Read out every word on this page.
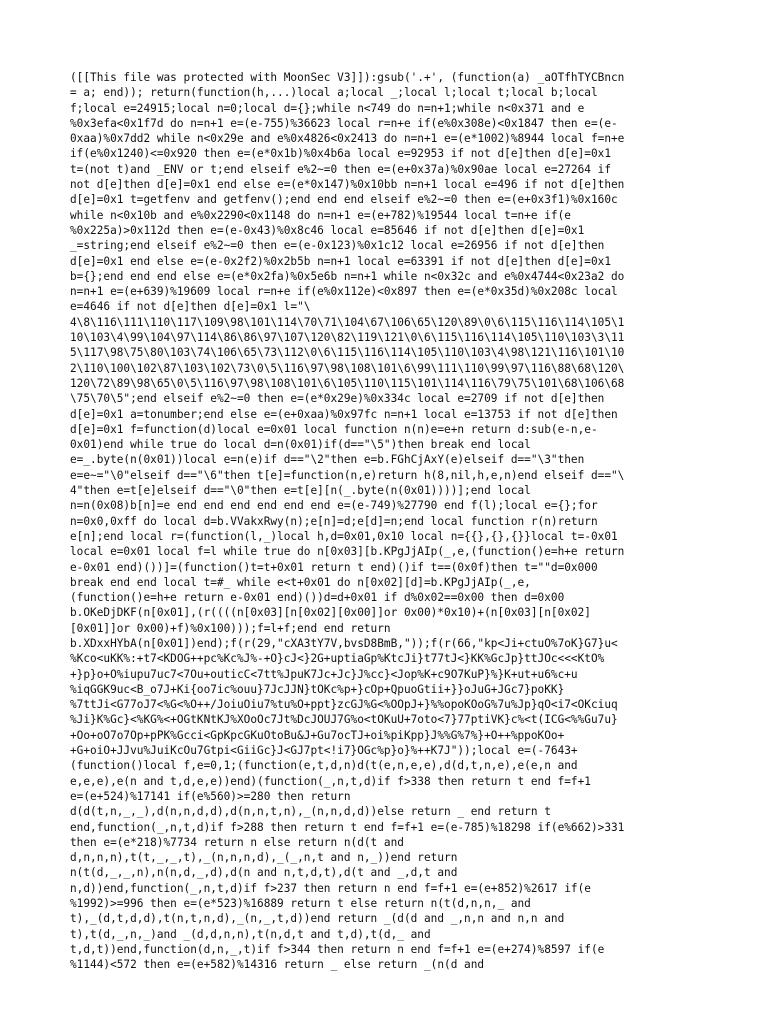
([[This file was protected with MoonSec V3]]):gsub('.+', (function(a) _aOTfhTYCBncn
= a; end)); return(function(h,...)local a;local _;local l;local t;local b;local
f;local e=24915;local n=0;local d={};while n<749 do n=n+1;while n<0x371 and e
%0x3efa<0x1f7d do n=n+1 e=(e-755)%36623 local r=n+e if(e%0x308e)<0x1847 then e=(e-
0xaa)%0x7dd2 while n<0x29e and e%0x4826<0x2413 do n=n+1 e=(e*1002)%8944 local f=n+e
if(e%0x1240)<=0x920 then e=(e*0x1b)%0x4b6a local e=92953 if not d[e]then d[e]=0x1
t=(not t)and _ENV or t;end elseif e%2~=0 then e=(e+0x37a)%0x90ae local e=27264 if
not d[e]then d[e]=0x1 end else e=(e*0x147)%0x10bb n=n+1 local e=496 if not d[e]then
d[e]=0x1 t=getfenv and getfenv();end end end elseif e%2~=0 then e=(e+0x3f1)%0x160c
while n<0x10b and e%0x2290<0x1148 do n=n+1 e=(e+782)%19544 local t=n+e if(e
%0x225a)>0x112d then e=(e-0x43)%0x8c46 local e=85646 if not d[e]then d[e]=0x1
_=string;end elseif e%2~=0 then e=(e-0x123)%0x1c12 local e=26956 if not d[e]then
d[e]=0x1 end else e=(e-0x2f2)%0x2b5b n=n+1 local e=63391 if not d[e]then d[e]=0x1
b={};end end end else e=(e*0x2fa)%0x5e6b n=n+1 while n<0x32c and e%0x4744<0x23a2 do
n=n+1 e=(e+639)%19609 local r=n+e if(e%0x112e)<0x897 then e=(e*0x35d)%0x208c local
e=4646 if not d[e]then d[e]=0x1 l="\
4\8\116\111\110\117\109\98\101\114\70\71\104\67\106\65\120\89\0\6\115\116\114\105\1
10\103\4\99\104\97\114\86\86\97\107\120\82\119\121\0\6\115\116\114\105\110\103\3\11
5\117\98\75\80\103\74\106\65\73\112\0\6\115\116\114\105\110\103\4\98\121\116\101\10
2\110\100\102\87\103\102\73\0\5\116\97\98\108\101\6\99\111\110\99\97\116\88\68\120\
120\72\89\98\65\0\5\116\97\98\108\101\6\105\110\115\101\114\116\79\75\101\68\106\68
\75\70\5";end elseif e%2~=0 then e=(e*0x29e)%0x334c local e=2709 if not d[e]then
d[e]=0x1 a=tonumber;end else e=(e+0xaa)%0x97fc n=n+1 local e=13753 if not d[e]then
d[e]=0x1 f=function(d)local e=0x01 local function n(n)e=e+n return d:sub(e-n,e-
0x01)end while true do local d=n(0x01)if(d=="\5")then break end local
e=_.byte(n(0x01))local e=n(e)if d=="\2"then e=b.FGhCjAxY(e)elseif d=="\3"then
e=e~="\0"elseif d=="\6"then t[e]=function(n,e)return h(8,nil,h,e,n)end elseif d=="\
4"then e=t[e]elseif d=="\0"then e=t[e][n(_.byte(n(0x01))))];end local
n=n(0x08)b[n]=e end end end end end end e=(e-749)%27790 end f(l);local e={};for
n=0x0,0xff do local d=b.VVakxRwy(n);e[n]=d;e[d]=n;end local function r(n)return
e[n];end local r=(function(l,_)local h,d=0x01,0x10 local n={{},{},{}}local t=-0x01
local e=0x01 local f=l while true do n[0x03][b.KPgJjAIp(_,e,(function()e=h+e return
e-0x01 end)())]=(function()t=t+0x01 return t end)()if t==(0x0f)then t=""d=0x000
break end end local t=#_ while e<t+0x01 do n[0x02][d]=b.KPgJjAIp(_,e,
(function()e=h+e return e-0x01 end)())d=d+0x01 if d%0x02==0x00 then d=0x00
b.OKeDjDKF(n[0x01],(r((((n[0x03][n[0x02][0x00]]or 0x00)*0x10)+(n[0x03][n[0x02]
[0x01]]or 0x00)+f)%0x100)));f=l+f;end end return
b.XDxxHYbA(n[0x01])end);f(r(29,"cXA3tY7V,bvsD8BmB,"));f(r(66,"kp<Ji+ctuO%7oK}G7}u<
%Kco<uKK%:+t7<KDOG++pc%Kc%J%-+O}cJ<}2G+uptiaGp%KtcJi}t77tJ<}KK%GcJp}ttJOc<<<KtO%
+}p}o+O%iupu7uc7<7Ou+outicC<7tt%JpuK7Jc+Jc}J%cc}<Jop%K+c9O7KuP}%}K+ut+u6%c+u
%iqGGK9uc<B_o7J+Ki{oo7ic%ouu}7JcJJN}tOKc%p+}cOp+QpuoGtii+}}oJuG+JGc7}poKK}
%7ttJi<G77oJ7<%G<%O++/JoiuOiu7%tu%O+ppt}zcGJ%G<%OOpJ+}%%opoKOoG%7u%Jp}qO<i7<OKciuq
%Ji}K%Gc}<%KG%<+OGtKNtKJ%XOoOc7Jt%DcJOUJ7G%o<tOKuU+7oto<7}77ptiVK}c%<t(ICG<%%Gu7u}
+Oo+oO7o7Op+pPK%Gcci<GpKpcGKuOtoBu&J+Gu7ocTJ+oi%piKpp}J%%G%7%}+O++%ppoKOo+
+G+oiO+JJvu%JuiKcOu7Gtpi<GiiGc}J<GJ7pt<!i7}OGc%p}o}%++K7J"));local e=(-7643+
(function()local f,e=0,1;(function(e,t,d,n)d(t(e,n,e,e),d(d,t,n,e),e(e,n and
e,e,e),e(n and t,d,e,e))end)(function(_,n,t,d)if f>338 then return t end f=f+1
e=(e+524)%17141 if(e%560)>=280 then return
d(d(t,n,_,_),d(n,n,d,d),d(n,n,t,n),_(n,n,d,d))else return _ end return t
end,function(_,n,t,d)if f>288 then return t end f=f+1 e=(e-785)%18298 if(e%662)>331
then e=(e*218)%7734 return n else return n(d(t and
d,n,n,n),t(t,_,_,t),_(n,n,n,d),_(_,n,t and n,_))end return
n(t(d,_,_,n),n(n,d,_,d),d(n and n,t,d,t),d(t and _,d,t and
n,d))end,function(_,n,t,d)if f>237 then return n end f=f+1 e=(e+852)%2617 if(e
%1992)>=996 then e=(e*523)%16889 return t else return n(t(d,n,n,_ and
t),_(d,t,d,d),t(n,t,n,d),_(n,_,t,d))end return _(d(d and _,n,n and n,n and
t),t(d,_,n,_)and _(d,d,n,n),t(n,d,t and t,d),t(d,_ and
t,d,t))end,function(d,n,_,t)if f>344 then return n end f=f+1 e=(e+274)%8597 if(e
%1144)<572 then e=(e+582)%14316 return _ else return _(n(d and
